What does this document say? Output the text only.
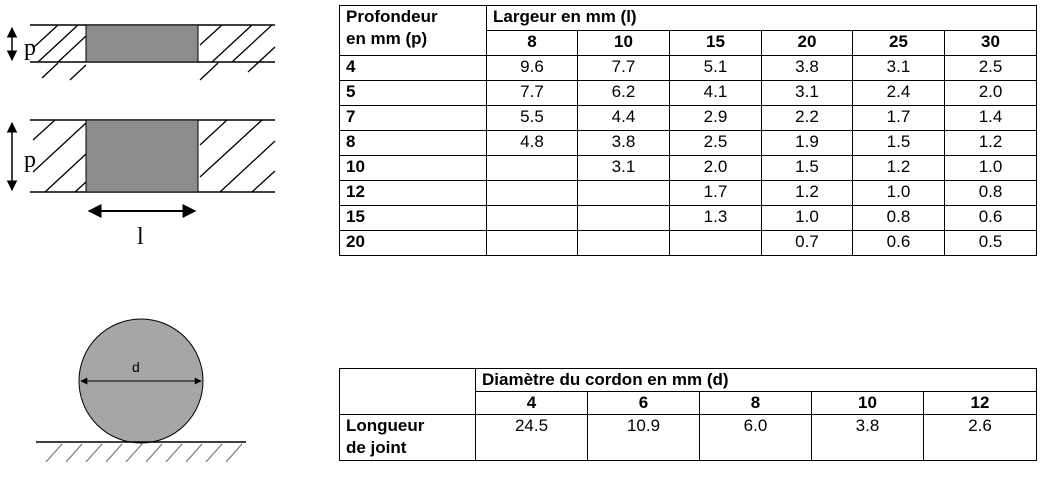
p
p
l
d
Profondeur
en mm (p)	Largeur en mm (l)					
	8	10	15	20	25	30
4	9.6	7.7	5.1	3.8	3.1	2.5
5	7.7	6.2	4.1	3.1	2.4	2.0
7	5.5	4.4	2.9	2.2	1.7	1.4
8	4.8	3.8	2.5	1.9	1.5	1.2
10		3.1	2.0	1.5	1.2	1.0
12			1.7	1.2	1.0	0.8
15			1.3	1.0	0.8	0.6
20				0.7	0.6	0.5
	Diamètre du cordon en mm (d)				
	4	6	8	10	12
Longueur
de joint	24.5	10.9	6.0	3.8	2.6
